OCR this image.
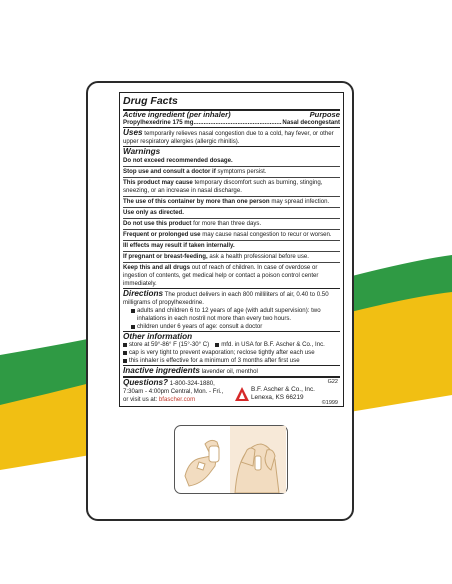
Drug Facts
Active ingredient (per inhaler)	Purpose
Propylhexedrine 175 mg
.....	Nasal decongestant
Uses temporarily relieves nasal congestion due to a cold, hay fever, or other upper respiratory allergies (allergic rhinitis).
Warnings
Do not exceed recommended dosage.
Stop use and consult a doctor if symptoms persist.
This product may cause temporary discomfort such as burning, stinging, sneezing, or an increase in nasal discharge.
The use of this container by more than one person may spread infection.
Use only as directed.
Do not use this product for more than three days.
Frequent or prolonged use may cause nasal congestion to recur or worsen.
Ill effects may result if taken internally.
If pregnant or breast-feeding, ask a health professional before use.
Keep this and all drugs out of reach of children. In case of overdose or ingestion of contents, get medical help or contact a poison control center immediately.
Directions The product delivers in each 800 milliliters of air, 0.40 to 0.50 milligrams of propylhexedrine.
adults and children 6 to 12 years of age (with adult supervision): two inhalations in each nostril not more than every two hours.
children under 6 years of age: consult a doctor
Other information
store at 59°-86° F (15°-30° C) mfd. in USA for B.F. Ascher & Co., Inc.
cap is very tight to prevent evaporation; reclose tightly after each use
this inhaler is effective for a minimum of 3 months after first use
Inactive ingredients lavender oil, menthol
Questions? 1-800-324-1880,
7:30am - 4:00pm Central, Mon. - Fri.,
or visit us at: bfascher.com
G22
B.F. Ascher & Co., Inc.
Lenexa, KS 66219
©1999
